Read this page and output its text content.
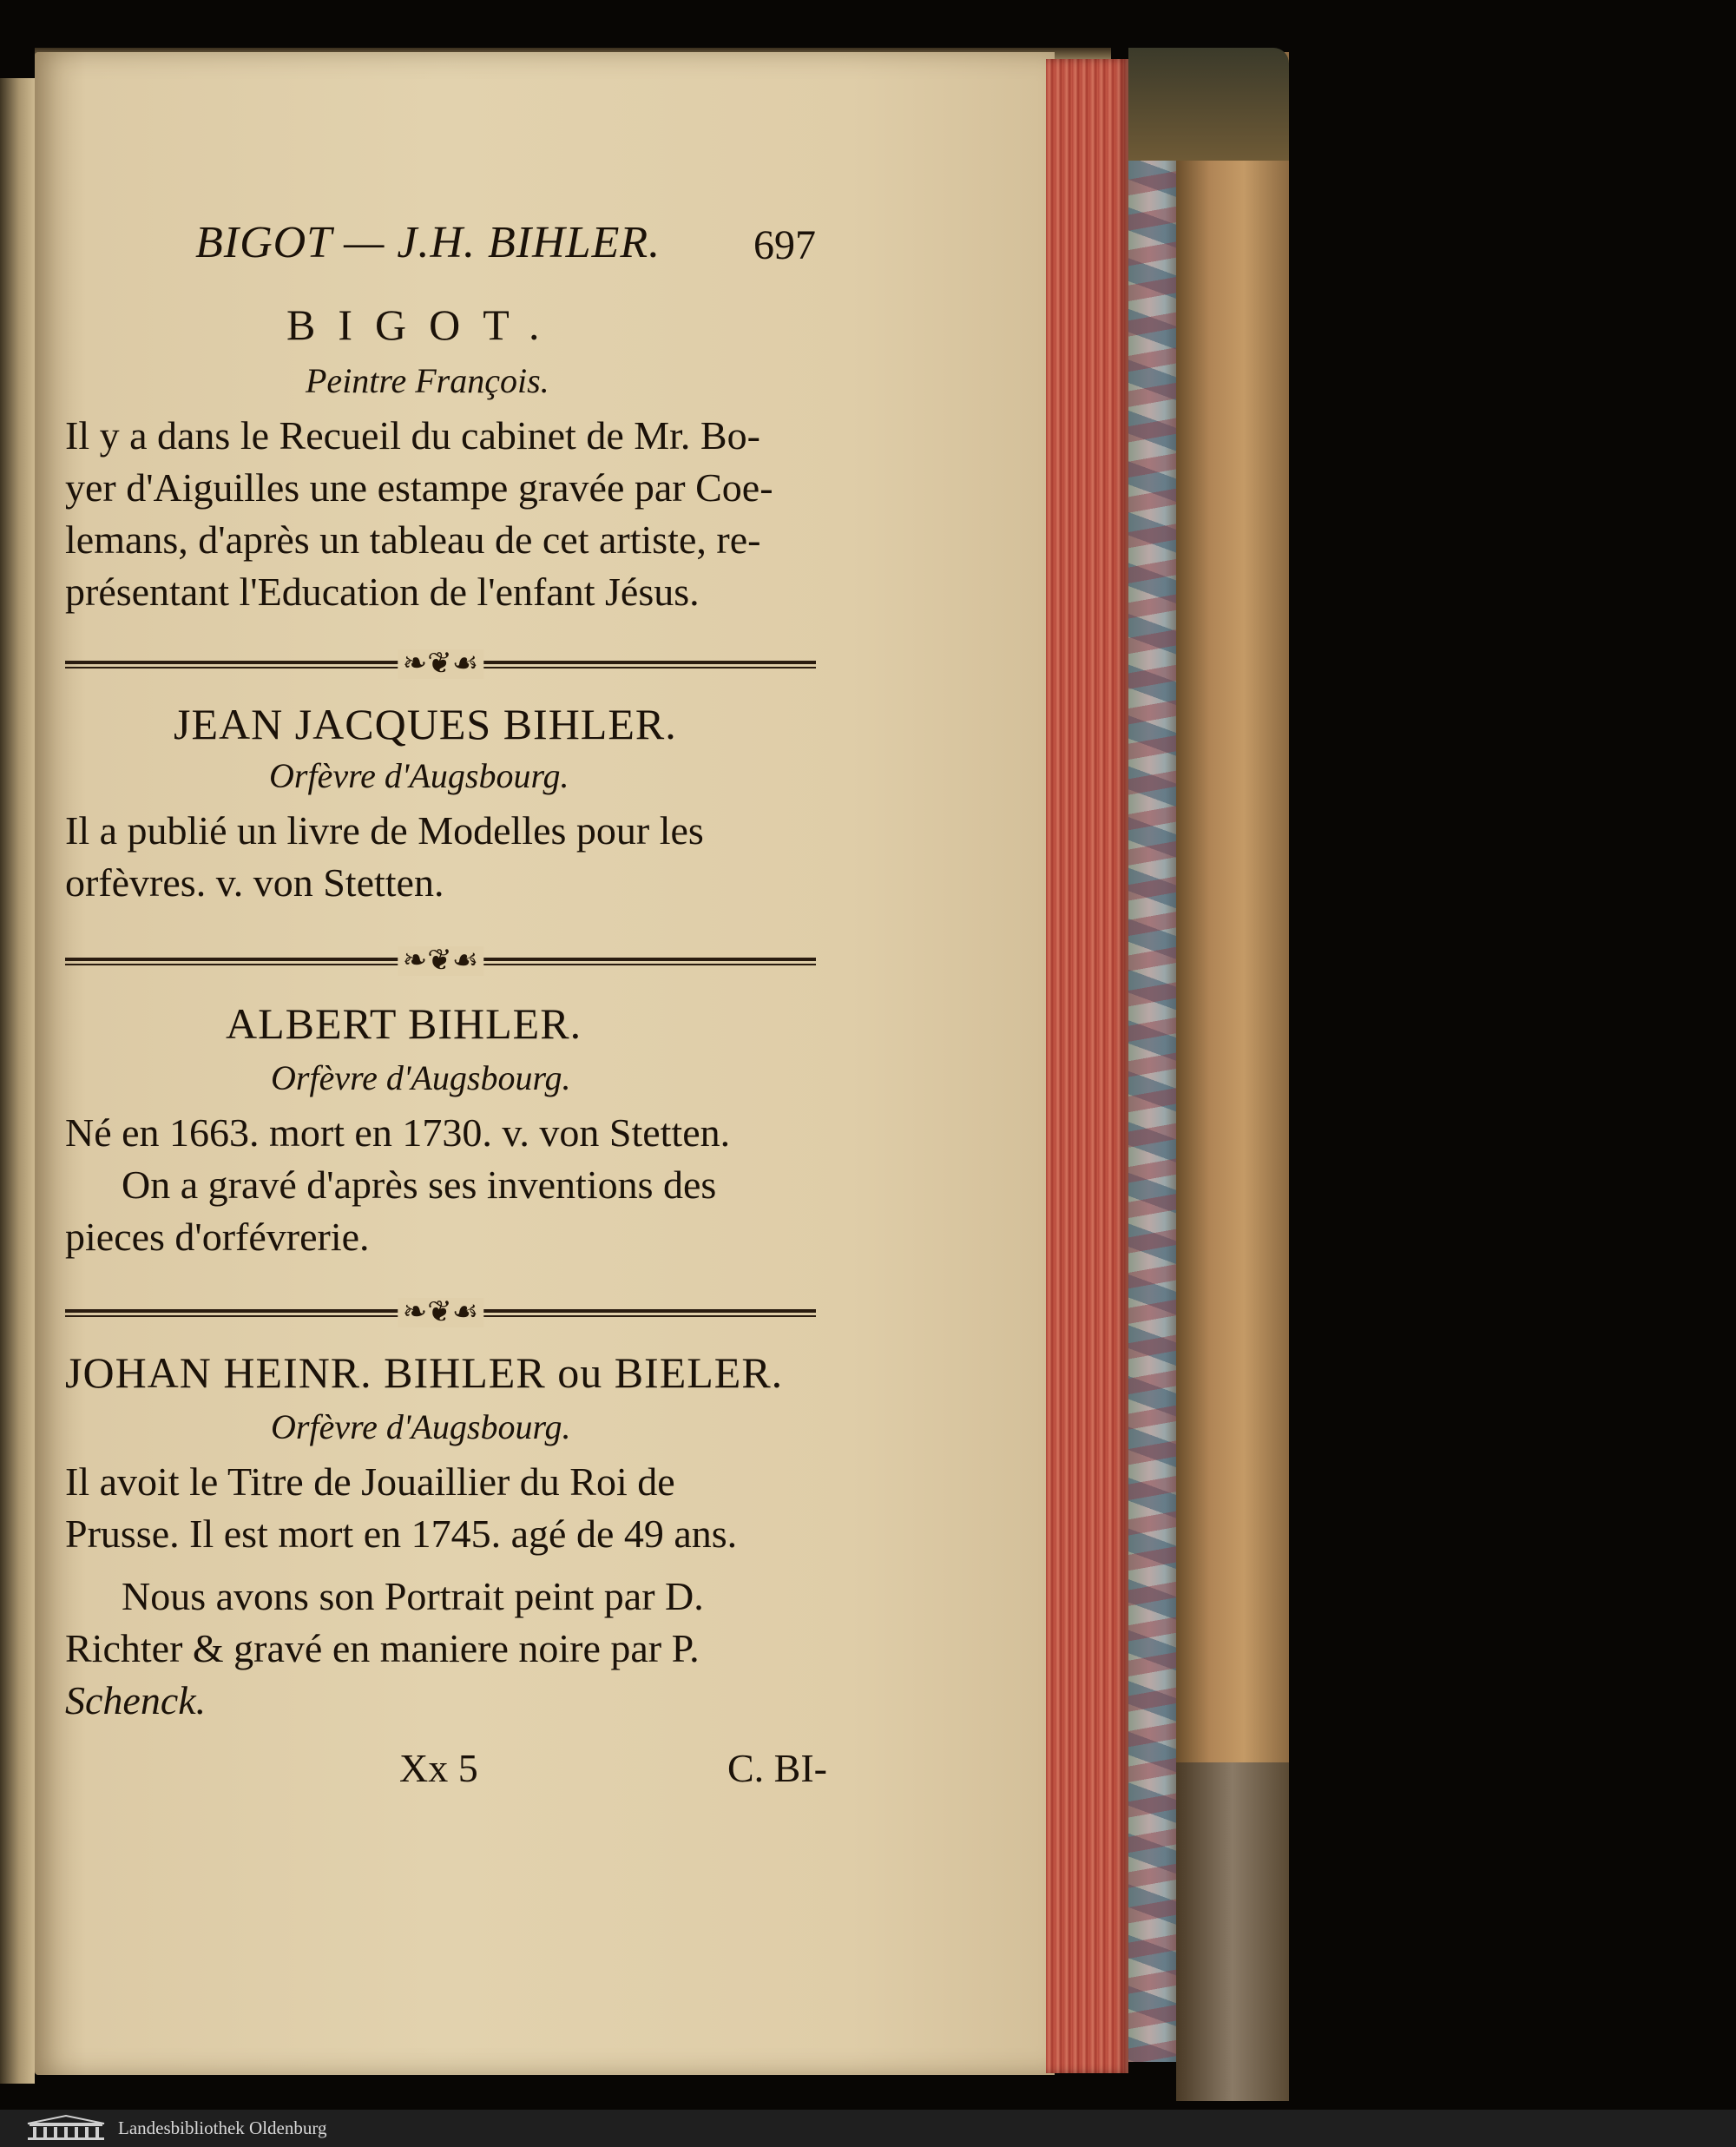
BIGOT — J.H. BIHLER. 697

BIGOT.

Peintre François.

Il y a dans le Recueil du cabinet de Mr. Bo-

yer d'Aiguilles une estampe gravée par Coe-

lemans, d'après un tableau de cet artiste, re-

présentant l'Education de l'enfant Jésus.

❧❦☙

JEAN JACQUES BIHLER.

Orfèvre d'Augsbourg.

Il a publié un livre de Modelles pour les

orfèvres. v. von Stetten.

❧❦☙

ALBERT BIHLER.

Orfèvre d'Augsbourg.

Né en 1663. mort en 1730. v. von Stetten.

On a gravé d'après ses inventions des

pieces d'orfévrerie.

❧❦☙

JOHAN HEINR. BIHLER ou BIELER.

Orfèvre d'Augsbourg.

Il avoit le Titre de Jouaillier du Roi de

Prusse. Il est mort en 1745. agé de 49 ans.

Nous avons son Portrait peint par D.

Richter & gravé en maniere noire par P.

Schenck.

Xx 5	C. BI-

Landesbibliothek Oldenburg
